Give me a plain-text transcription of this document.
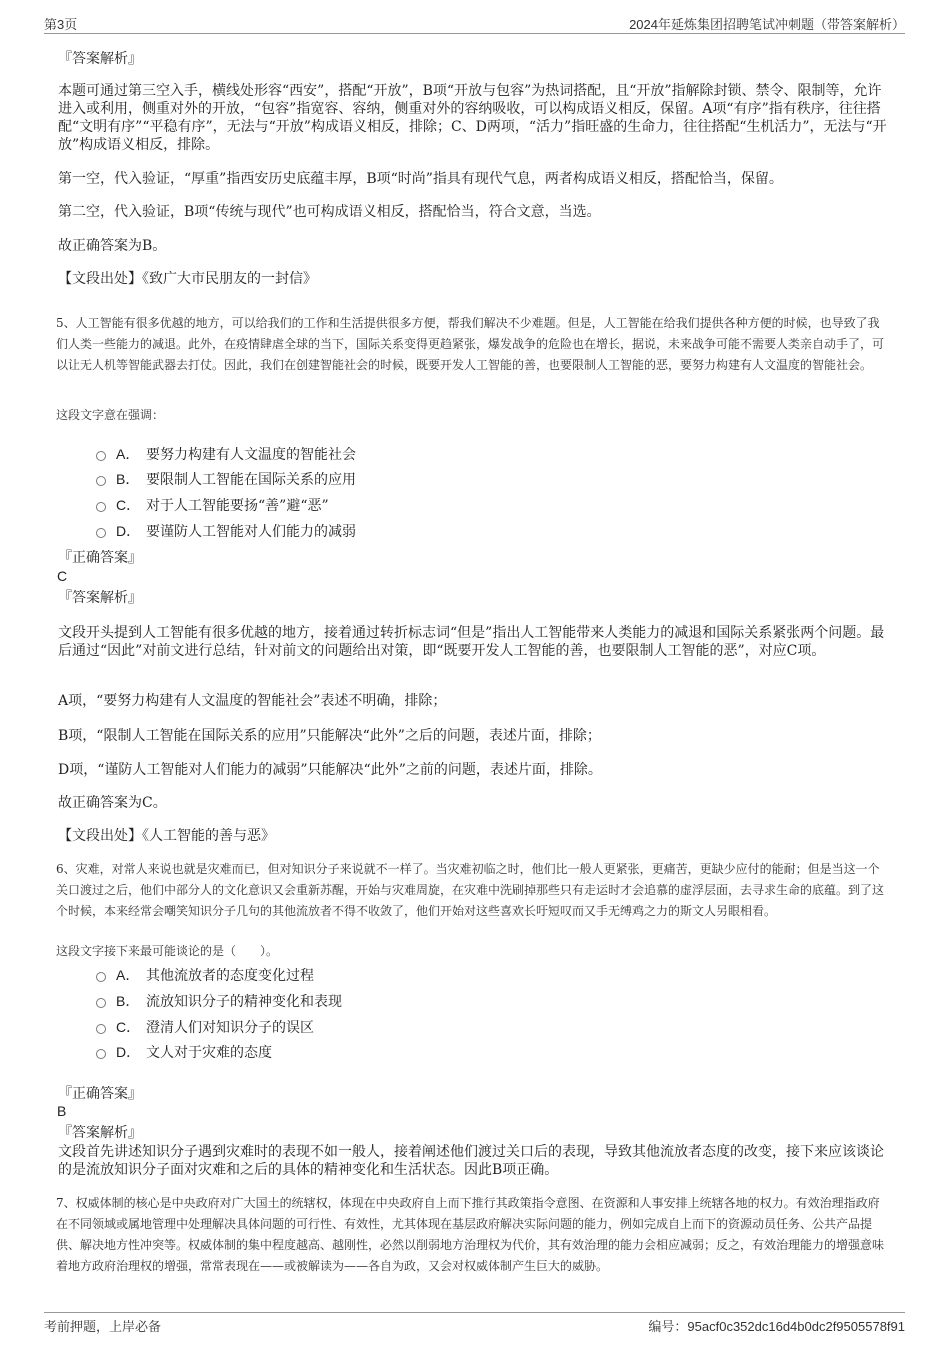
第3页	2024年延炼集团招聘笔试冲刺题（带答案解析）
『答案解析』
本题可通过第三空入手，横线处形容“西安”，搭配“开放”，B项“开放与包容”为热词搭配，且“开放”指解除封锁、禁令、限制等，允许进入或利用，侧重对外的开放，“包容”指宽容、容纳，侧重对外的容纳吸收，可以构成语义相反，保留。A项“有序”指有秩序，往往搭配“文明有序”“平稳有序”，无法与“开放”构成语义相反，排除；C、D两项，“活力”指旺盛的生命力，往往搭配“生机活力”，无法与“开放”构成语义相反，排除。
第一空，代入验证，“厚重”指西安历史底蕴丰厚，B项“时尚”指具有现代气息，两者构成语义相反，搭配恰当，保留。
第二空，代入验证，B项“传统与现代”也可构成语义相反，搭配恰当，符合文意，当选。
故正确答案为B。
【文段出处】《致广大市民朋友的一封信》
5、人工智能有很多优越的地方，可以给我们的工作和生活提供很多方便，帮我们解决不少难题。但是，人工智能在给我们提供各种方便的时候，也导致了我们人类一些能力的减退。此外，在疫情肆虐全球的当下，国际关系变得更趋紧张，爆发战争的危险也在增长，据说，未来战争可能不需要人类亲自动手了，可以让无人机等智能武器去打仗。因此，我们在创建智能社会的时候，既要开发人工智能的善，也要限制人工智能的恶，要努力构建有人文温度的智能社会。
这段文字意在强调：
A． 要努力构建有人文温度的智能社会
B． 要限制人工智能在国际关系的应用
C． 对于人工智能要扬“善”避“恶”
D． 要谨防人工智能对人们能力的减弱
『正确答案』
C
『答案解析』
文段开头提到人工智能有很多优越的地方，接着通过转折标志词“但是”指出人工智能带来人类能力的减退和国际关系紧张两个问题。最后通过“因此”对前文进行总结，针对前文的问题给出对策，即“既要开发人工智能的善，也要限制人工智能的恶”，对应C项。
A项，“要努力构建有人文温度的智能社会”表述不明确，排除；
B项，“限制人工智能在国际关系的应用”只能解决“此外”之后的问题，表述片面，排除；
D项，“谨防人工智能对人们能力的减弱”只能解决“此外”之前的问题，表述片面，排除。
故正确答案为C。
【文段出处】《人工智能的善与恶》
6、灾难，对常人来说也就是灾难而已，但对知识分子来说就不一样了。当灾难初临之时，他们比一般人更紧张，更痛苦，更缺少应付的能耐；但是当这一个关口渡过之后，他们中部分人的文化意识又会重新苏醒，开始与灾难周旋，在灾难中洗刷掉那些只有走运时才会追慕的虚浮层面，去寻求生命的底蕴。到了这个时候，本来经常会嘲笑知识分子几句的其他流放者不得不收敛了，他们开始对这些喜欢长吁短叹而又手无缚鸡之力的斯文人另眼相看。
这段文字接下来最可能谈论的是（　　）。
A． 其他流放者的态度变化过程
B． 流放知识分子的精神变化和表现
C． 澄清人们对知识分子的误区
D． 文人对于灾难的态度
『正确答案』
B
『答案解析』
文段首先讲述知识分子遇到灾难时的表现不如一般人，接着阐述他们渡过关口后的表现，导致其他流放者态度的改变，接下来应该谈论的是流放知识分子面对灾难和之后的具体的精神变化和生活状态。因此B项正确。
7、权威体制的核心是中央政府对广大国土的统辖权，体现在中央政府自上而下推行其政策指令意图、在资源和人事安排上统辖各地的权力。有效治理指政府在不同领域或属地管理中处理解决具体问题的可行性、有效性，尤其体现在基层政府解决实际问题的能力，例如完成自上而下的资源动员任务、公共产品提供、解决地方性冲突等。权威体制的集中程度越高、越刚性，必然以削弱地方治理权为代价，其有效治理的能力会相应减弱；反之，有效治理能力的增强意味着地方政府治理权的增强，常常表现在——或被解读为——各自为政，又会对权威体制产生巨大的威胁。
考前押题，上岸必备	编号：95acf0c352dc16d4b0dc2f9505578f91
